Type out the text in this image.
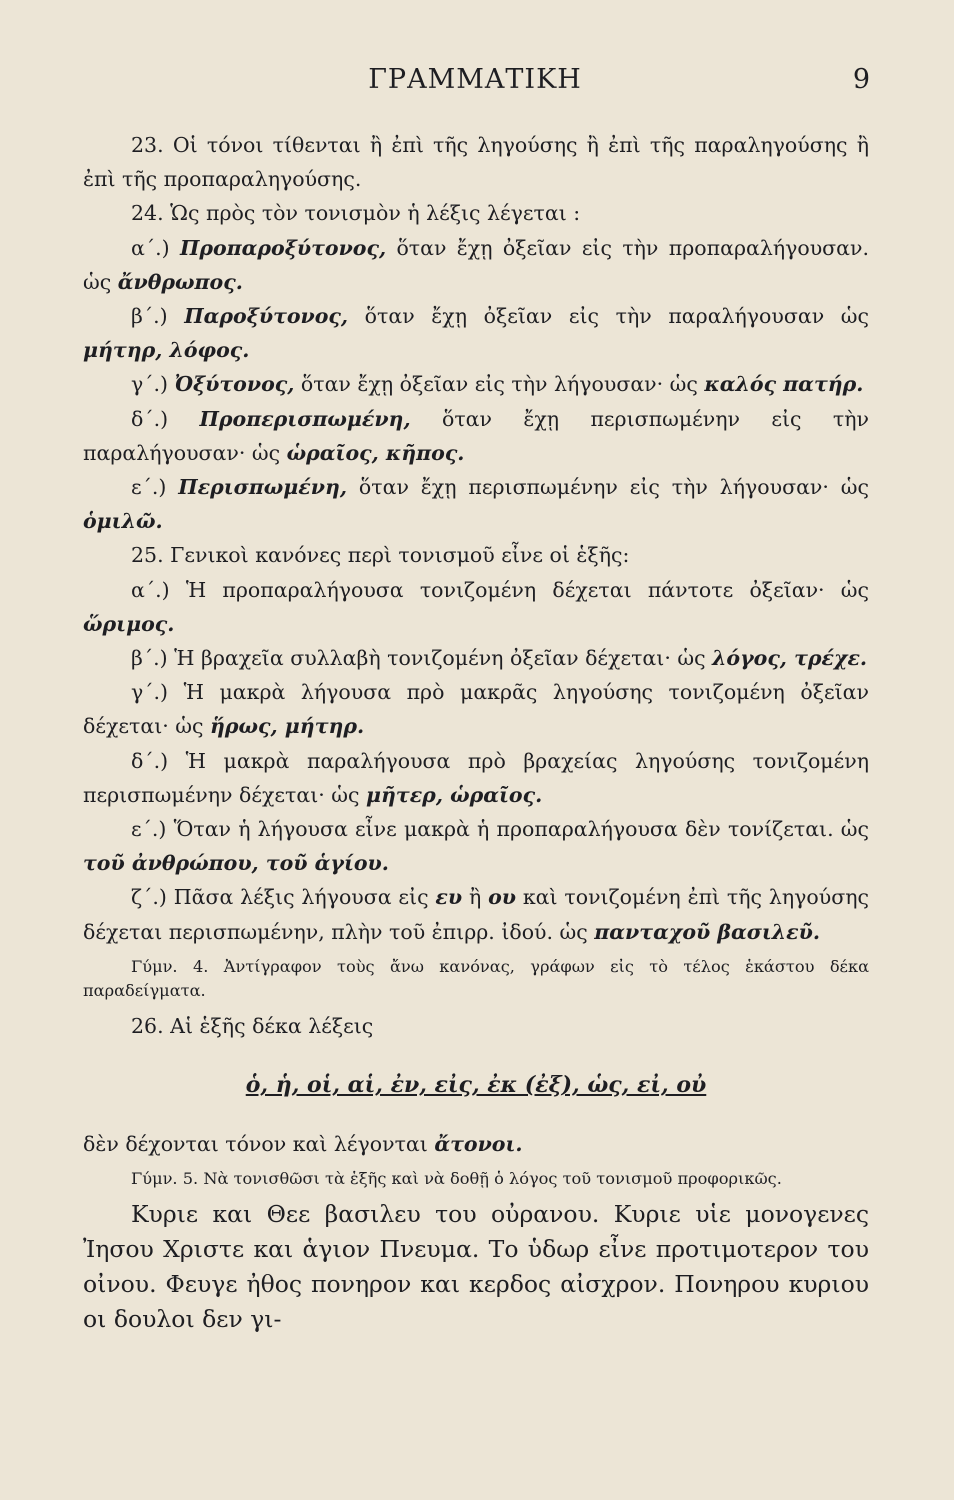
ΓΡΑΜΜΑΤΙΚΗ	9

23. Οἱ τόνοι τίθενται ἢ ἐπὶ τῆς ληγούσης ἢ ἐπὶ τῆς παραληγούσης ἢ ἐπὶ τῆς προπαραληγούσης.

24. Ὡς πρὸς τὸν τονισμὸν ἡ λέξις λέγεται :

α΄.) Προπαροξύτονος, ὅταν ἔχῃ ὀξεῖαν εἰς τὴν προπαραλήγουσαν. ὡς ἄνθρωπος.

β΄.) Παροξύτονος, ὅταν ἔχῃ ὀξεῖαν εἰς τὴν παραλήγουσαν ὡς μήτηρ, λόφος.

γ΄.) Ὀξύτονος, ὅταν ἔχῃ ὀξεῖαν εἰς τὴν λήγουσαν· ὡς καλός πατήρ.

δ΄.) Προπερισπωμένη, ὅταν ἔχῃ περισπωμένην εἰς τὴν παραλήγουσαν· ὡς ὡραῖος, κῆπος.

ε΄.) Περισπωμένη, ὅταν ἔχῃ περισπωμένην εἰς τὴν λήγουσαν· ὡς ὁμιλῶ.

25. Γενικοὶ κανόνες περὶ τονισμοῦ εἶνε οἱ ἑξῆς:

α΄.) Ἡ προπαραλήγουσα τονιζομένη δέχεται πάντοτε ὀξεῖαν· ὡς ὥριμος.

β΄.) Ἡ βραχεῖα συλλαβὴ τονιζομένη ὀξεῖαν δέχεται· ὡς λόγος, τρέχε.

γ΄.) Ἡ μακρὰ λήγουσα πρὸ μακρᾶς ληγούσης τονιζομένη ὀξεῖαν δέχεται· ὡς ἥρως, μήτηρ.

δ΄.) Ἡ μακρὰ παραλήγουσα πρὸ βραχείας ληγούσης τονιζομένη περισπωμένην δέχεται· ὡς μῆτερ, ὡραῖος.

ε΄.) Ὅταν ἡ λήγουσα εἶνε μακρὰ ἡ προπαραλήγουσα δὲν τονίζεται. ὡς τοῦ ἀνθρώπου, τοῦ ἁγίου.

ζ΄.) Πᾶσα λέξις λήγουσα εἰς ευ ἢ ου καὶ τονιζομένη ἐπὶ τῆς ληγούσης δέχεται περισπωμένην, πλὴν τοῦ ἐπιρρ. ἰδού. ὡς πανταχοῦ βασιλεῦ.

Γύμν. 4. Ἀντίγραφον τοὺς ἄνω κανόνας, γράφων εἰς τὸ τέλος ἑκάστου δέκα παραδείγματα.

26. Αἱ ἑξῆς δέκα λέξεις

ὁ, ἡ, οἱ, αἱ, ἐν, εἰς, ἐκ (ἐξ), ὡς, εἰ, οὐ

δὲν δέχονται τόνον καὶ λέγονται ἄτονοι.

Γύμν. 5. Νὰ τονισθῶσι τὰ ἑξῆς καὶ νὰ δοθῇ ὁ λόγος τοῦ τονισμοῦ προφορικῶς.

Κυριε και Θεε βασιλευ του οὐρανου. Κυριε υἱε μονογενες Ἰησου Χριστε και ἁγιον Πνευμα. Το ὑδωρ εἶνε προτιμοτερον του οἰνου. Φευγε ἠθος πονηρον και κερδος αἰσχρον. Πονηρου κυριου οι δουλοι δεν γι-
